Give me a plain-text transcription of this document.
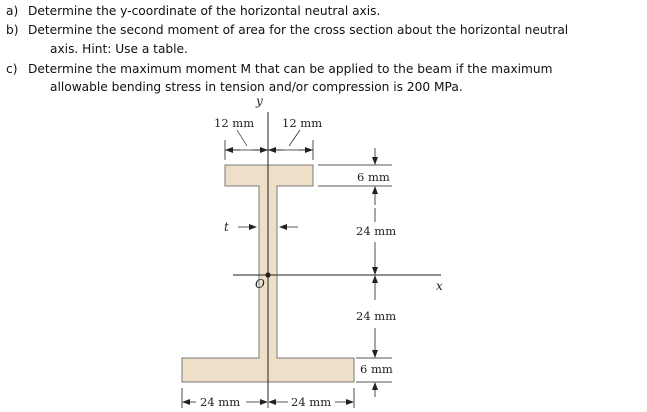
a) Determine the y-coordinate of the horizontal neutral axis.
b) Determine the second moment of area for the cross section about the horizontal neutral
axis. Hint: Use a table.
c) Determine the maximum moment M that can be applied to the beam if the maximum
allowable bending stress in tension and/or compression is 200 MPa.
y
x
O
12 mm 12 mm
t
6 mm
24 mm
24 mm
6 mm
24 mm	24 mm
